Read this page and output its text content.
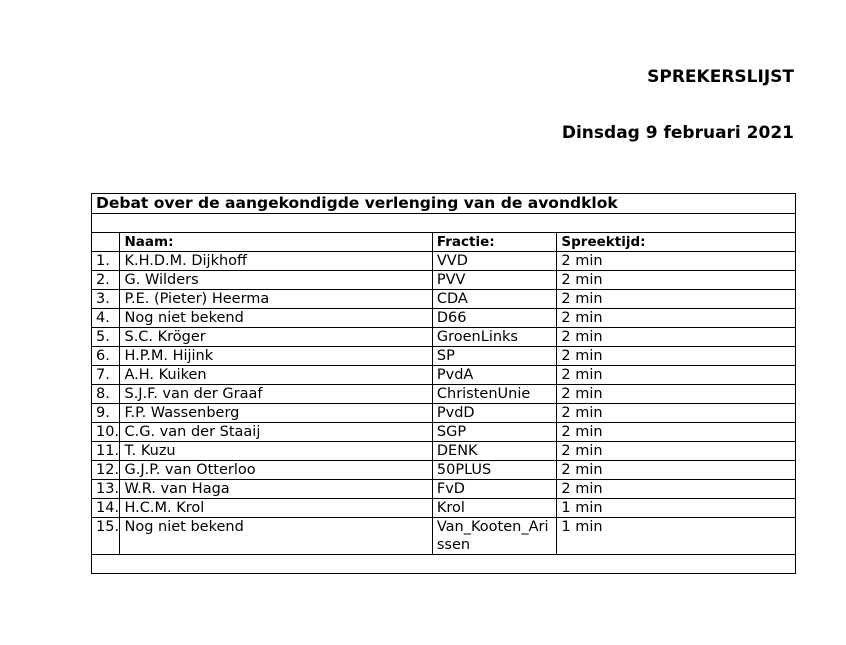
SPREKERSLIJST
Dinsdag 9 februari 2021
Debat over de aangekondigde verlenging van de avondklok			

	Naam:	Fractie:	Spreektijd:
1.	K.H.D.M. Dijkhoff	VVD	2 min
2.	G. Wilders	PVV	2 min
3.	P.E. (Pieter) Heerma	CDA	2 min
4.	Nog niet bekend	D66	2 min
5.	S.C. Kröger	GroenLinks	2 min
6.	H.P.M. Hijink	SP	2 min
7.	A.H. Kuiken	PvdA	2 min
8.	S.J.F. van der Graaf	ChristenUnie	2 min
9.	F.P. Wassenberg	PvdD	2 min
10.	C.G. van der Staaij	SGP	2 min
11.	T. Kuzu	DENK	2 min
12.	G.J.P. van Otterloo	50PLUS	2 min
13.	W.R. van Haga	FvD	2 min
14.	H.C.M. Krol	Krol	1 min
15.	Nog niet bekend	Van_Kooten_Arissen	1 min
